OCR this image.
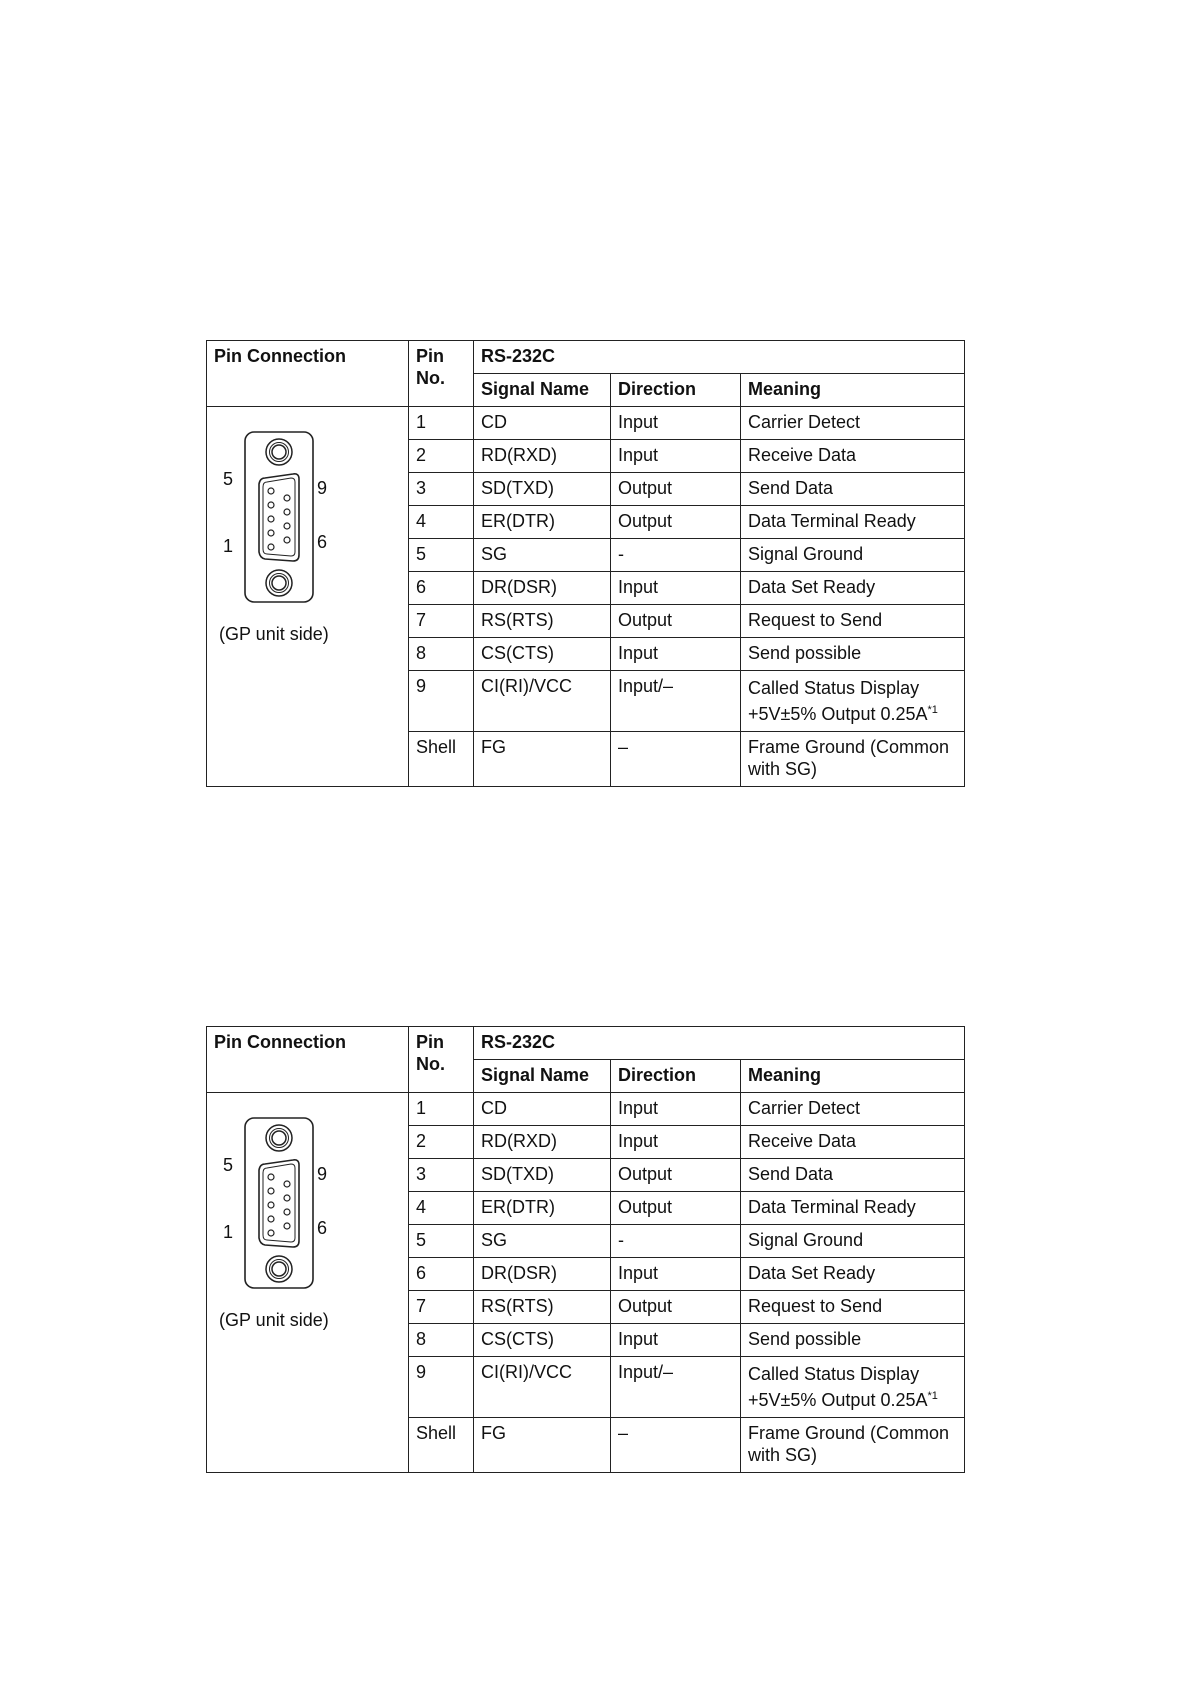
Pin Connection	Pin No.	RS-232C		
		Signal Name	Direction	Meaning

5
1
9
6
(GP unit side)	1	CD	Input	Carrier Detect
	2	RD(RXD)	Input	Receive Data
	3	SD(TXD)	Output	Send Data
	4	ER(DTR)	Output	Data Terminal Ready
	5	SG	-	Signal Ground
	6	DR(DSR)	Input	Data Set Ready
	7	RS(RTS)	Output	Request to Send
	8	CS(CTS)	Input	Send possible
	9	CI(RI)/VCC	Input/–	Called Status Display
+5V±5% Output $0.25A^{*1}$

	Shell	FG	–	Frame Ground (Common with SG)
Pin Connection	Pin No.	RS-232C		
		Signal Name	Direction	Meaning

5
1
9
6
(GP unit side)	1	CD	Input	Carrier Detect
	2	RD(RXD)	Input	Receive Data
	3	SD(TXD)	Output	Send Data
	4	ER(DTR)	Output	Data Terminal Ready
	5	SG	-	Signal Ground
	6	DR(DSR)	Input	Data Set Ready
	7	RS(RTS)	Output	Request to Send
	8	CS(CTS)	Input	Send possible
	9	CI(RI)/VCC	Input/–	Called Status Display
+5V±5% Output $0.25A^{*1}$

	Shell	FG	–	Frame Ground (Common with SG)
